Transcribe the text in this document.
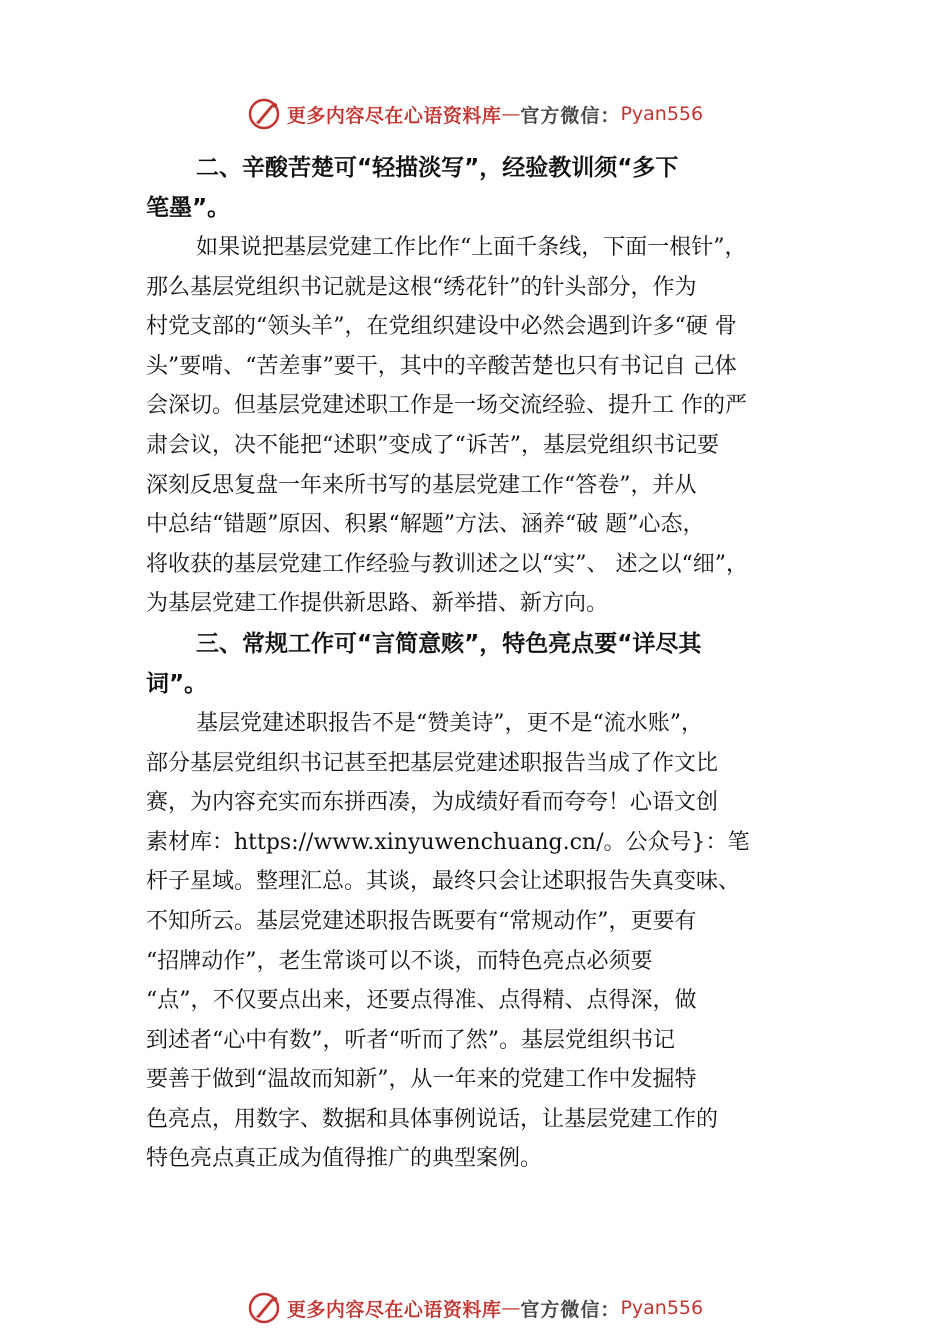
更多内容尽在心语资料库 — 官方微信： Pyan556
二、辛酸苦楚可“轻描淡写”，经验教训须“多下
笔墨”。

如果说把基层党建工作比作“上面千条线，下面一根针”，
那么基层党组织书记就是这根“绣花针”的针头部分，作为
村党支部的“领头羊”，在党组织建设中必然会遇到许多“硬 骨
头”要啃、“苦差事”要干，其中的辛酸苦楚也只有书记自 己体
会深切。但基层党建述职工作是一场交流经验、提升工 作的严
肃会议，决不能把“述职”变成了“诉苦”，基层党组织书记要
深刻反思复盘一年来所书写的基层党建工作“答卷”，并从
中总结“错题”原因、积累“解题”方法、涵养“破 题”心态，
将收获的基层党建工作经验与教训述之以“实”、 述之以“细”，
为基层党建工作提供新思路、新举措、新方向。

三、常规工作可“言简意赅”，特色亮点要“详尽其
词”。

基层党建述职报告不是“赞美诗”，更不是“流水账”，
部分基层党组织书记甚至把基层党建述职报告当成了作文比
赛，为内容充实而东拼西凑，为成绩好看而夸夸！心语文创
素材库：https://www.xinyuwenchuang.cn/。公众号}：笔
杆子星域。整理汇总。其谈，最终只会让述职报告失真变味、
不知所云。基层党建述职报告既要有“常规动作”，更要有
“招牌动作”，老生常谈可以不谈，而特色亮点必须要
“点”，不仅要点出来，还要点得准、点得精、点得深，做
到述者“心中有数”，听者“听而了然”。基层党组织书记
要善于做到“温故而知新”，从一年来的党建工作中发掘特
色亮点，用数字、数据和具体事例说话，让基层党建工作的
特色亮点真正成为值得推广的典型案例。

更多内容尽在心语资料库 — 官方微信： Pyan556
